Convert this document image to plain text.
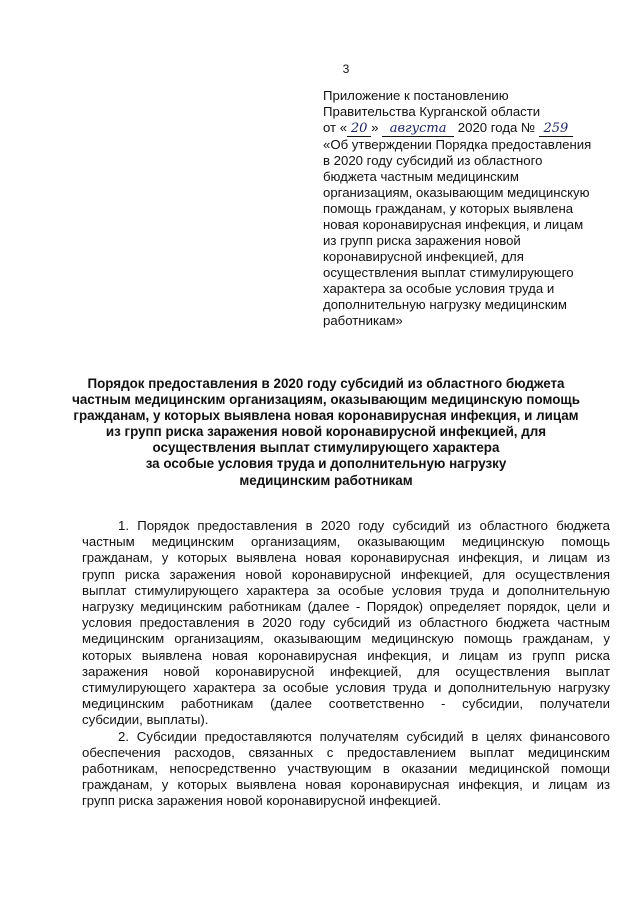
3
Приложение к постановлению
Правительства Курганской области
от « 20 » августа 2020 года № 259
«Об утверждении Порядка предоставления
в 2020 году субсидий из областного
бюджета частным медицинским
организациям, оказывающим медицинскую
помощь гражданам, у которых выявлена
новая коронавирусная инфекция, и лицам
из групп риска заражения новой
коронавирусной инфекцией, для
осуществления выплат стимулирующего
характера за особые условия труда и
дополнительную нагрузку медицинским
работникам»
Порядок предоставления в 2020 году субсидий из областного бюджета
частным медицинским организациям, оказывающим медицинскую помощь
гражданам, у которых выявлена новая коронавирусная инфекция, и лицам
из групп риска заражения новой коронавирусной инфекцией, для
осуществления выплат стимулирующего характера
за особые условия труда и дополнительную нагрузку
медицинским работникам
1. Порядок предоставления в 2020 году субсидий из областного бюджета
частным медицинским организациям, оказывающим медицинскую помощь
гражданам, у которых выявлена новая коронавирусная инфекция, и лицам из
групп риска заражения новой коронавирусной инфекцией, для осуществления
выплат стимулирующего характера за особые условия труда и дополнительную
нагрузку медицинским работникам (далее - Порядок) определяет порядок, цели и
условия предоставления в 2020 году субсидий из областного бюджета частным
медицинским организациям, оказывающим медицинскую помощь гражданам, у
которых выявлена новая коронавирусная инфекция, и лицам из групп риска
заражения новой коронавирусной инфекцией, для осуществления выплат
стимулирующего характера за особые условия труда и дополнительную нагрузку
медицинским работникам (далее соответственно - субсидии, получатели
субсидии, выплаты).
2. Субсидии предоставляются получателям субсидий в целях финансового
обеспечения расходов, связанных с предоставлением выплат медицинским
работникам, непосредственно участвующим в оказании медицинской помощи
гражданам, у которых выявлена новая коронавирусная инфекция, и лицам из
групп риска заражения новой коронавирусной инфекцией.
